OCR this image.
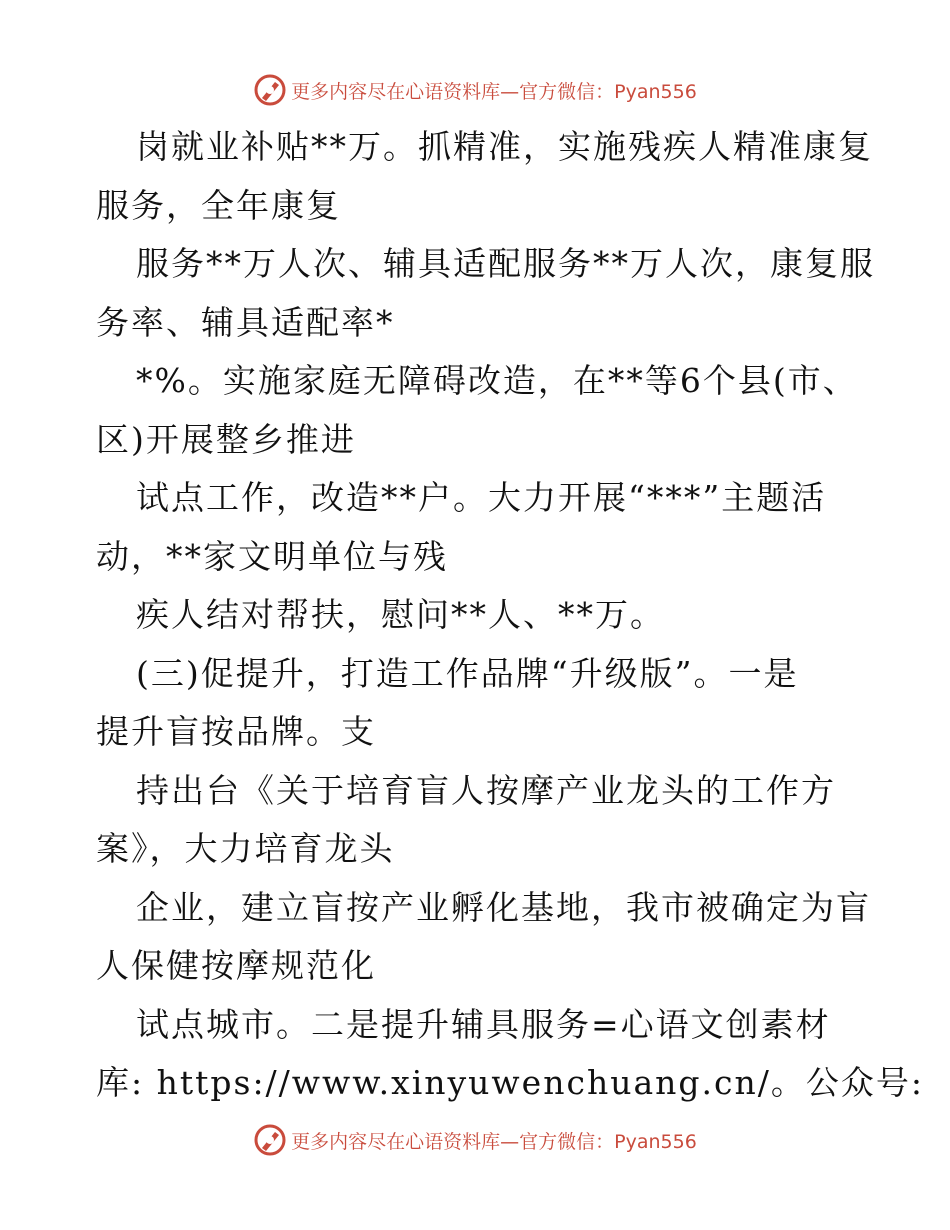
更多内容尽在心语资料库—官方微信：Pyan556
岗就业补贴**万。抓精准，实施残疾人精准康复
服务，全年康复
服务**万人次、辅具适配服务**万人次，康复服
务率、辅具适配率*
*%。实施家庭无障碍改造，在**等6个县(市、
区)开展整乡推进
试点工作，改造**户。大力开展“***”主题活
动，**家文明单位与残
疾人结对帮扶，慰问**人、**万。
(三)促提升，打造工作品牌“升级版”。一是
提升盲按品牌。支
持出台《关于培育盲人按摩产业龙头的工作方
案》，大力培育龙头
企业，建立盲按产业孵化基地，我市被确定为盲
人保健按摩规范化
试点城市。二是提升辅具服务=心语文创素材
库: https://www.xinyuwenchuang.cn/。公众号:
更多内容尽在心语资料库—官方微信：Pyan556
